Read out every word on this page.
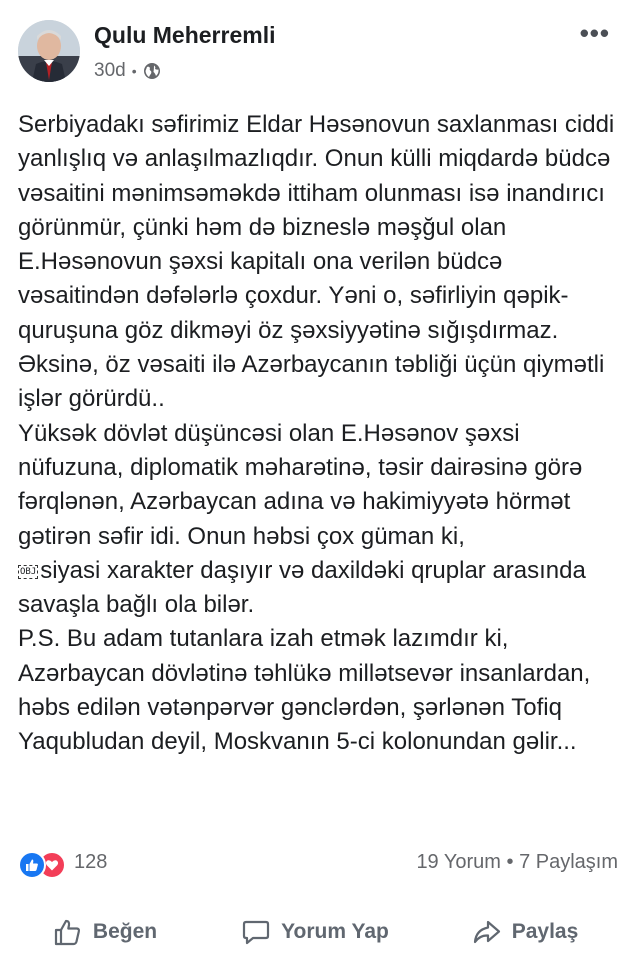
Qulu Meherremli
30d •
•••

Serbiyadakı səfirimiz Eldar Həsənovun saxlanması ciddi yanlışlıq və anlaşılmazlıqdır. Onun külli miqdardə büdcə vəsaitini mənimsəməkdə ittiham olunması isə inandırıcı görünmür, çünki həm də bizneslə məşğul olan E.Həsənovun şəxsi kapitalı ona verilən büdcə vəsaitindən dəfələrlə çoxdur. Yəni o, səfirliyin qəpik-quruşuna göz dikməyi öz şəxsiyyətinə sığışdırmaz. Əksinə, öz vəsaiti ilə Azərbaycanın təbliği üçün qiymətli işlər görürdü..

Yüksək dövlət düşüncəsi olan E.Həsənov şəxsi nüfuzuna, diplomatik məharətinə, təsir dairəsinə görə fərqlənən, Azərbaycan adına və hakimiyyətə hörmət gətirən səfir idi. Onun həbsi çox güman ki,
OBJ siyasi xarakter daşıyır və daxildəki qruplar arasında savaşla bağlı ola bilər.

P.S. Bu adam tutanlara izah etmək lazımdır ki, Azərbaycan dövlətinə təhlükə millətsevər insanlardan, həbs edilən vətənpərvər gənclərdən, şərlənən Tofiq Yaqubludan deyil, Moskvanın 5-ci kolonundan gəlir...

128	19 Yorum • 7 Paylaşım
Beğen	Yorum Yap	Paylaş
